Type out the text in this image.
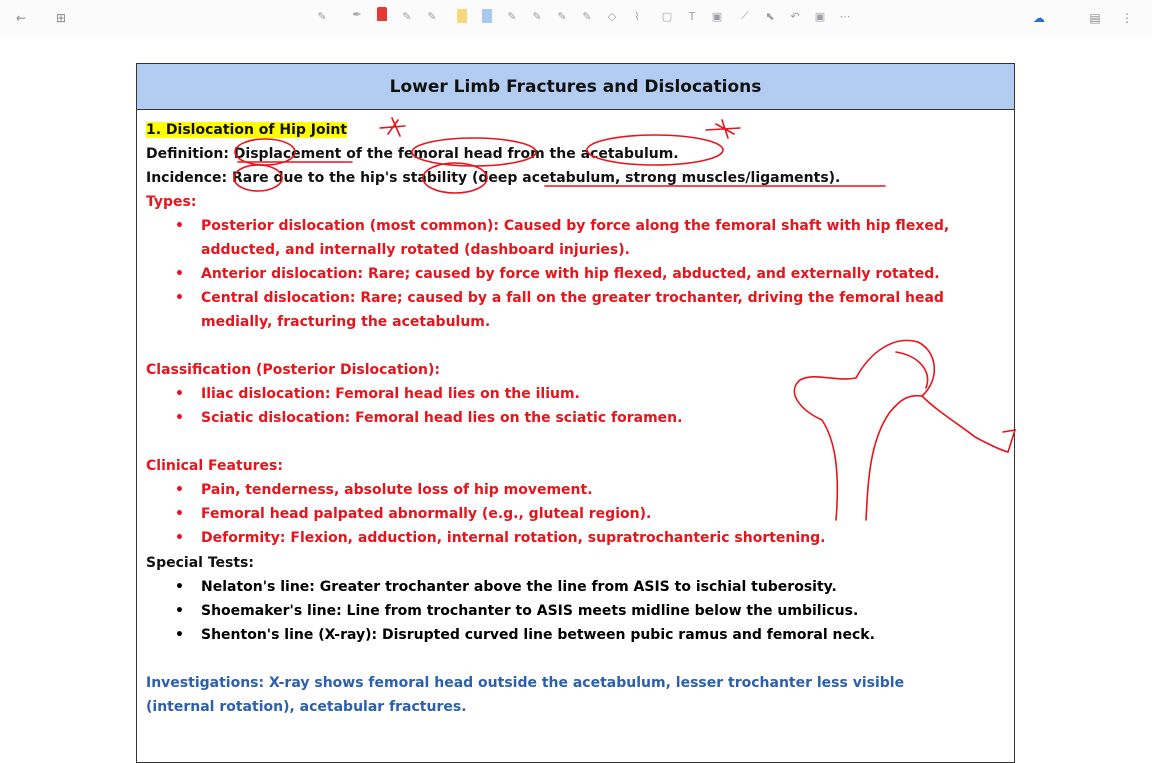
←	⊞	✎ ✒	✎ ✎	✎ ✎ ✎ ✎ ◇	⌇	▢	T	▣ ⟋ ⬉ ↶ ▣ ⋯	☁	▤ ⋮
Lower Limb Fractures and Dislocations
1. Dislocation of Hip Joint
Definition: Displacement of the femoral head from the acetabulum.
Incidence: Rare due to the hip's stability (deep acetabulum, strong muscles/ligaments).
Types:
• Posterior dislocation (most common): Caused by force along the femoral shaft with hip flexed,
adducted, and internally rotated (dashboard injuries).
• Anterior dislocation: Rare; caused by force with hip flexed, abducted, and externally rotated.
• Central dislocation: Rare; caused by a fall on the greater trochanter, driving the femoral head
medially, fracturing the acetabulum.
Classification (Posterior Dislocation):
• Iliac dislocation: Femoral head lies on the ilium.
• Sciatic dislocation: Femoral head lies on the sciatic foramen.
Clinical Features:
• Pain, tenderness, absolute loss of hip movement.
• Femoral head palpated abnormally (e.g., gluteal region).
• Deformity: Flexion, adduction, internal rotation, supratrochanteric shortening.
Special Tests:
• Nelaton's line: Greater trochanter above the line from ASIS to ischial tuberosity.
• Shoemaker's line: Line from trochanter to ASIS meets midline below the umbilicus.
• Shenton's line (X-ray): Disrupted curved line between pubic ramus and femoral neck.
Investigations: X-ray shows femoral head outside the acetabulum, lesser trochanter less visible
(internal rotation), acetabular fractures.
